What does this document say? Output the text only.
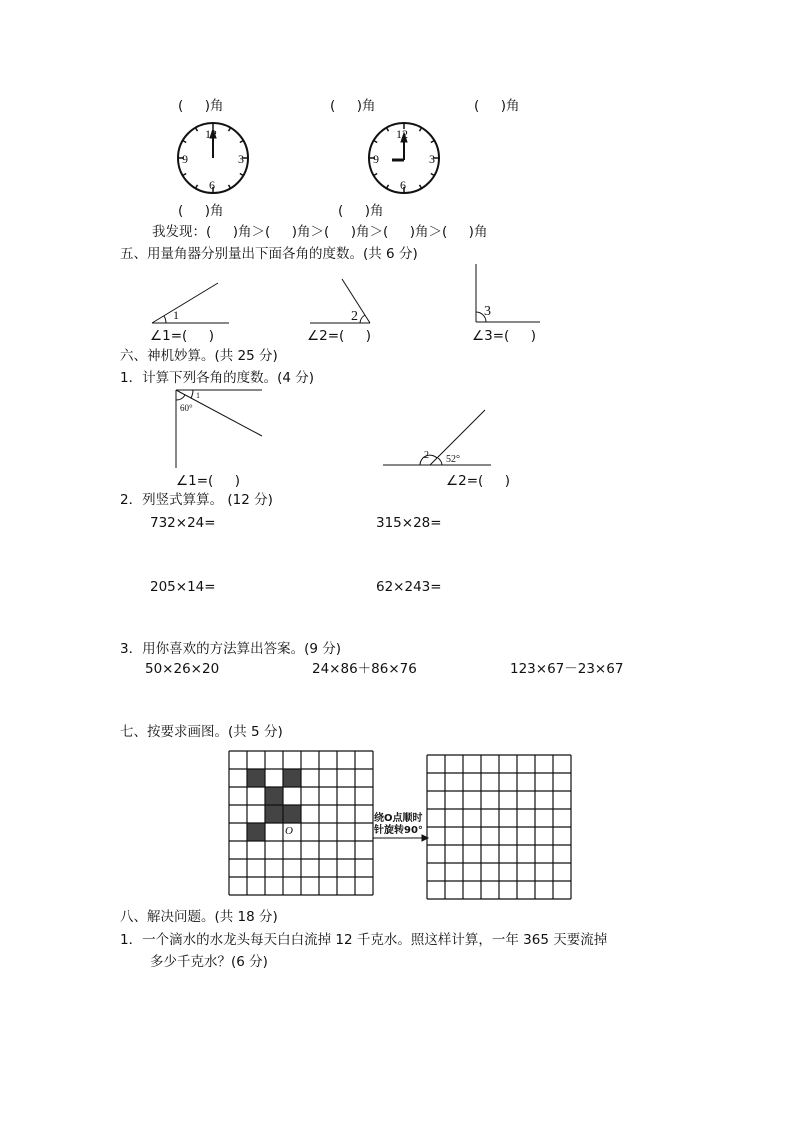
(     )角	(     )角	(     )角
12
3
6
9
12
3
6
9
(     )角	(     )角
我发现：(     )角＞(     )角＞(     )角＞(     )角＞(     )角
五、用量角器分别量出下面各角的度数。(共 6 分)
1	2	3
∠1=(     )	∠2=(     )	∠3=(     )
六、神机妙算。(共 25 分)
1．计算下列各角的度数。(4 分)
60°
1
2 52°
∠1=(     )	∠2=(     )
2．列竖式算算。 (12 分)
732×24=	315×28=
205×14=	62×243=
3．用你喜欢的方法算出答案。(9 分)
50×26×20	24×86＋86×76	123×67－23×67
七、按要求画图。(共 5 分)
O
绕O点顺时
针旋转90°
八、解决问题。(共 18 分)
1．一个滴水的水龙头每天白白流掉 12 千克水。照这样计算，一年 365 天要流掉
多少千克水？(6 分)
